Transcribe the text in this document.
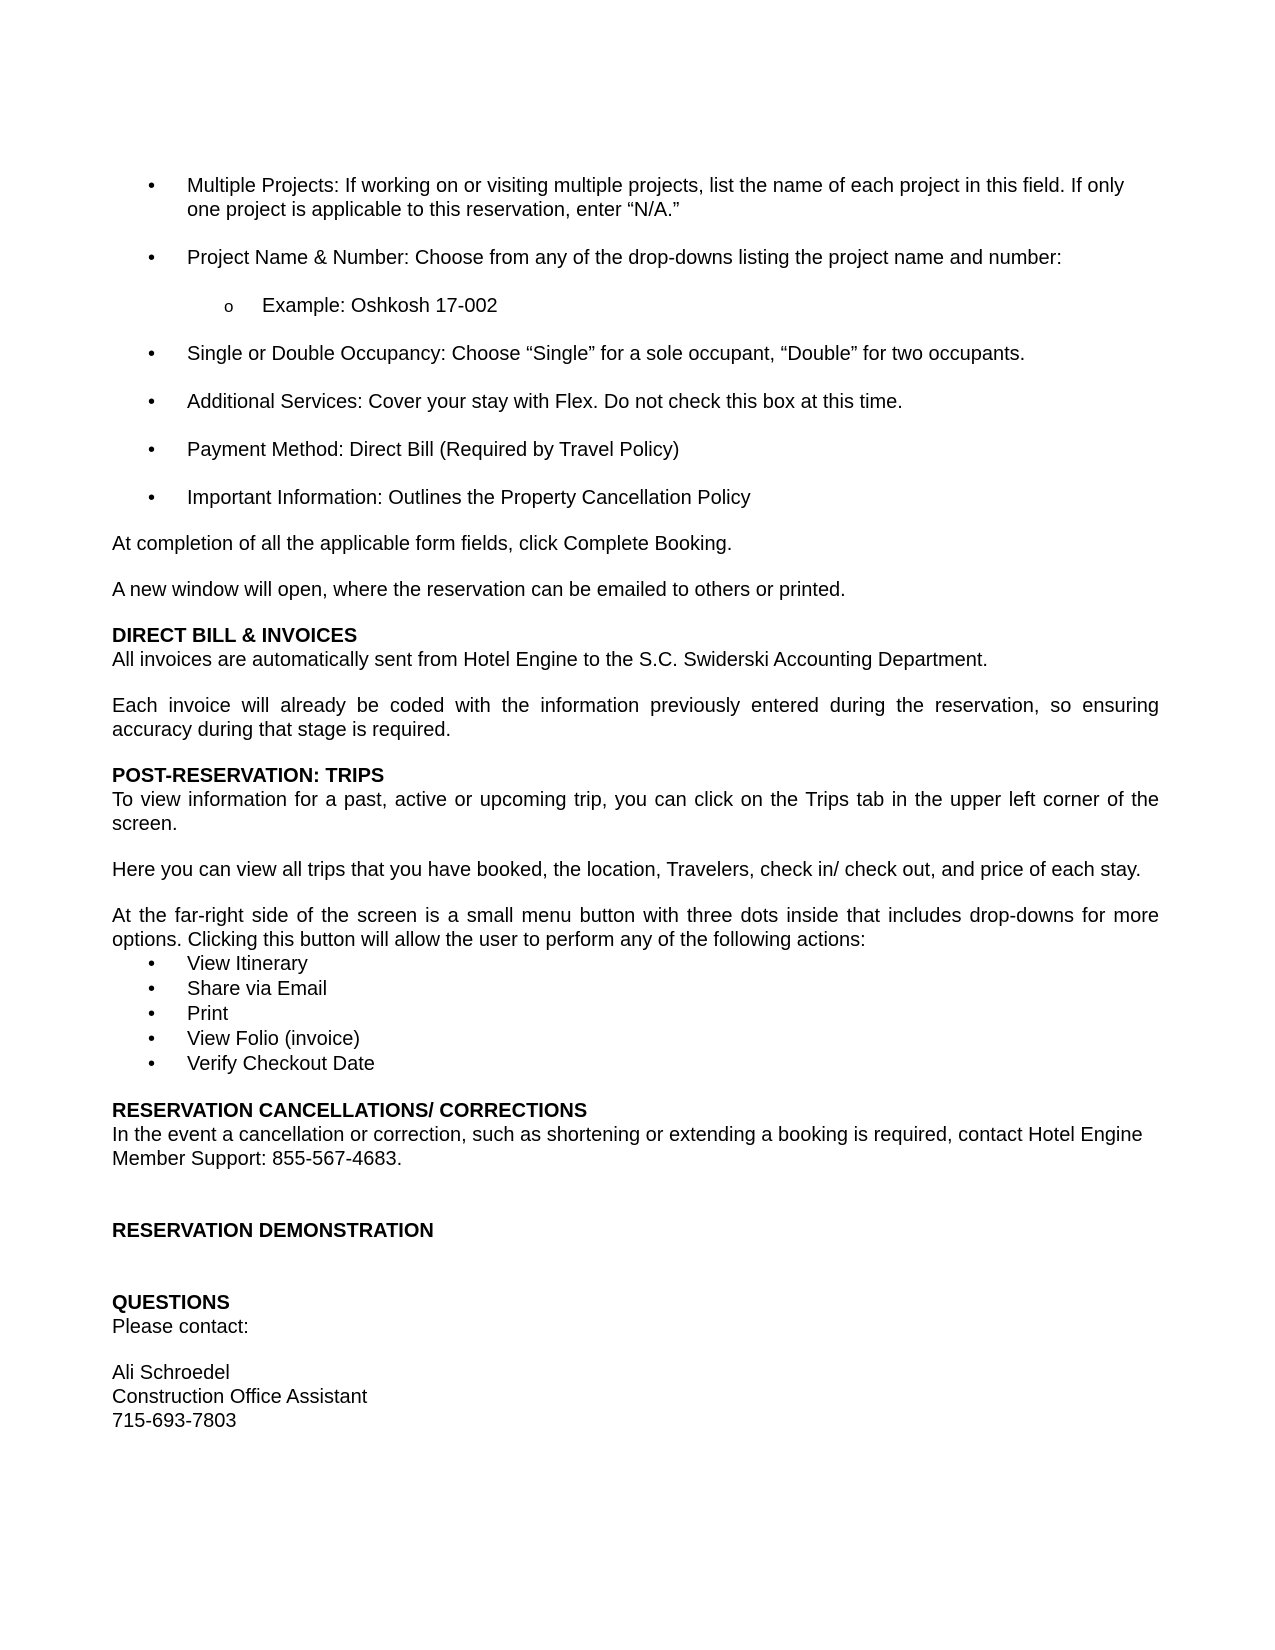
• Multiple Projects: If working on or visiting multiple projects, list the name of each project in this field. If only one project is applicable to this reservation, enter “N/A.”
• Project Name & Number: Choose from any of the drop-downs listing the project name and number:
o Example: Oshkosh 17-002
• Single or Double Occupancy: Choose “Single” for a sole occupant, “Double” for two occupants.
• Additional Services: Cover your stay with Flex. Do not check this box at this time.
• Payment Method: Direct Bill (Required by Travel Policy)
• Important Information: Outlines the Property Cancellation Policy

At completion of all the applicable form fields, click Complete Booking.

A new window will open, where the reservation can be emailed to others or printed.

DIRECT BILL & INVOICES

All invoices are automatically sent from Hotel Engine to the S.C. Swiderski Accounting Department.

Each invoice will already be coded with the information previously entered during the reservation, so ensuring accuracy during that stage is required.

POST-RESERVATION: TRIPS

To view information for a past, active or upcoming trip, you can click on the Trips tab in the upper left corner of the screen.

Here you can view all trips that you have booked, the location, Travelers, check in/ check out, and price of each stay.

At the far-right side of the screen is a small menu button with three dots inside that includes drop-downs for more options. Clicking this button will allow the user to perform any of the following actions:

• View Itinerary
• Share via Email
• Print
• View Folio (invoice)
• Verify Checkout Date

RESERVATION CANCELLATIONS/ CORRECTIONS

In the event a cancellation or correction, such as shortening or extending a booking is required, contact Hotel Engine Member Support: 855-567-4683.

RESERVATION DEMONSTRATION

QUESTIONS

Please contact:

Ali Schroedel

Construction Office Assistant

715-693-7803
